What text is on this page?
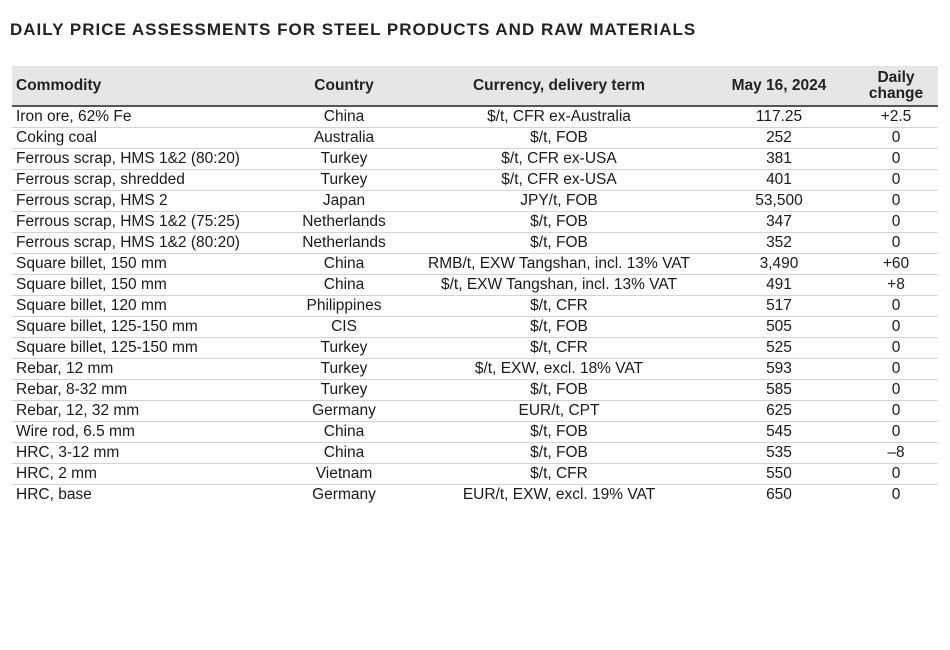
DAILY PRICE ASSESSMENTS FOR STEEL PRODUCTS AND RAW MATERIALS
Commodity	Country	Currency, delivery term	May 16, 2024	Daily change
Iron ore, 62% Fe	China	$/t, CFR ex-Australia	117.25	+2.5
Coking coal	Australia	$/t, FOB	252	0
Ferrous scrap, HMS 1&2 (80:20)	Turkey	$/t, CFR ex-USA	381	0
Ferrous scrap, shredded	Turkey	$/t, CFR ex-USA	401	0
Ferrous scrap, HMS 2	Japan	JPY/t, FOB	53,500	0
Ferrous scrap, HMS 1&2 (75:25)	Netherlands	$/t, FOB	347	0
Ferrous scrap, HMS 1&2 (80:20)	Netherlands	$/t, FOB	352	0
Square billet, 150 mm	China	RMB/t, EXW Tangshan, incl. 13% VAT	3,490	+60
Square billet, 150 mm	China	$/t, EXW Tangshan, incl. 13% VAT	491	+8
Square billet, 120 mm	Philippines	$/t, CFR	517	0
Square billet, 125-150 mm	CIS	$/t, FOB	505	0
Square billet, 125-150 mm	Turkey	$/t, CFR	525	0
Rebar, 12 mm	Turkey	$/t, EXW, excl. 18% VAT	593	0
Rebar, 8-32 mm	Turkey	$/t, FOB	585	0
Rebar, 12, 32 mm	Germany	EUR/t, CPT	625	0
Wire rod, 6.5 mm	China	$/t, FOB	545	0
HRC, 3-12 mm	China	$/t, FOB	535	–8
HRC, 2 mm	Vietnam	$/t, CFR	550	0
HRC, base	Germany	EUR/t, EXW, excl. 19% VAT	650	0
